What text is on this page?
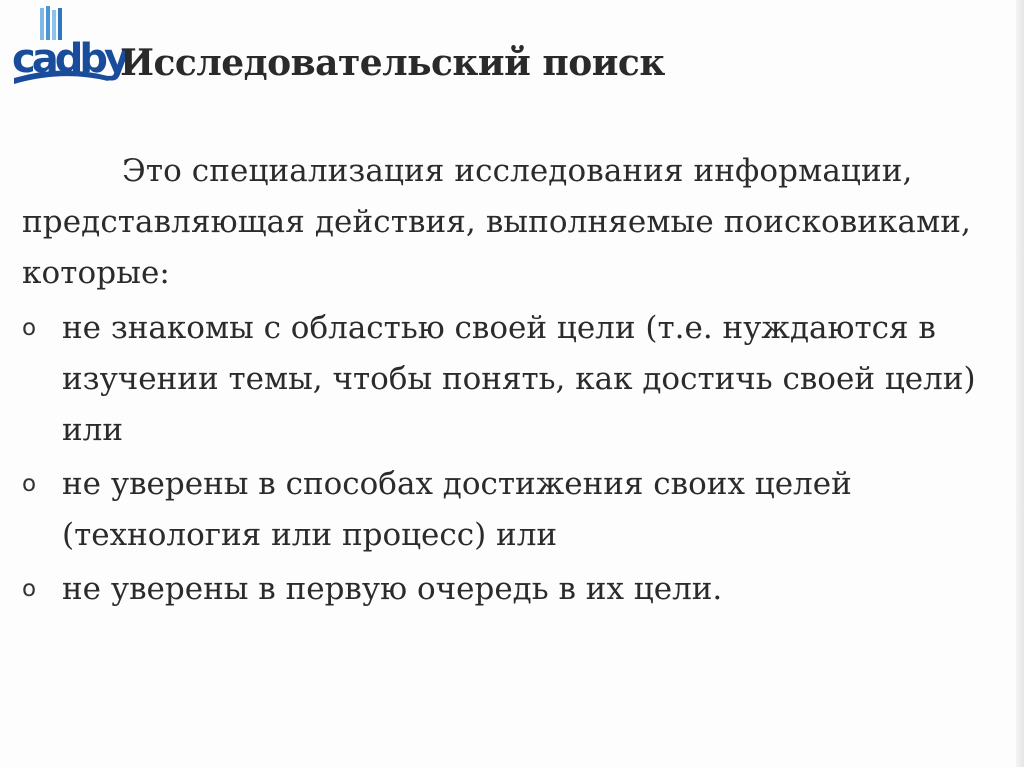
cadby
Исследовательский поиск

Это специализация исследования информации, представляющая действия, выполняемые поисковиками, которые:

o не знакомы с областью своей цели (т.е. нуждаются в изучении темы, чтобы понять, как достичь своей цели) или
o не уверены в способах достижения своих целей (технология или процесс) или
o не уверены в первую очередь в их цели.
